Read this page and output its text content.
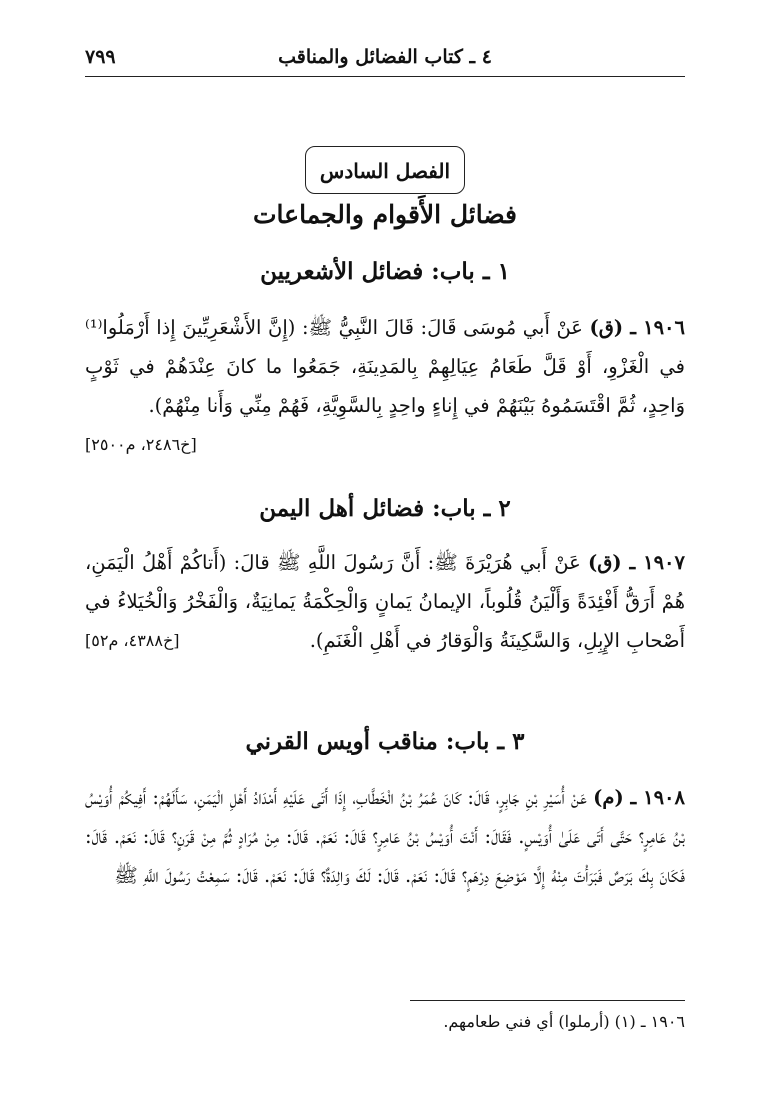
٤ ـ كتاب الفضائل والمناقب
٧٩٩
الفصل السادس
فضائل الأَقوام والجماعات
١ ـ باب: فضائل الأشعريين
١٩٠٦ ـ (ق) عَنْ أَبي مُوسَى قَالَ: قَالَ النَّبِيُّ ﷺ: (إِنَّ الأَشْعَرِيِّينَ إِذا أَرْمَلُوا⁽¹⁾ في الْغَزْوِ، أَوْ قَلَّ طَعَامُ عِيَالِهِمْ بِالمَدِينَةِ، جَمَعُوا ما كانَ عِنْدَهُمْ في ثَوْبٍ وَاحِدٍ، ثُمَّ اقْتَسَمُوهُ بَيْنَهُمْ في إِناءٍ واحِدٍ بِالسَّوِيَّةِ، فَهُمْ مِنِّي وَأَنا مِنْهُمْ).
[خ٢٤٨٦، م٢٥٠٠]
٢ ـ باب: فضائل أهل اليمن
١٩٠٧ ـ (ق) عَنْ أَبي هُرَيْرَةَ ﷺ: أَنَّ رَسُولَ اللَّهِ ﷺ قالَ: (أَتاكُمْ أَهْلُ الْيَمَنِ، هُمْ أَرَقُّ أَفْئِدَةً وَأَلْيَنُ قُلُوباً، الإيمانُ يَمانٍ وَالْحِكْمَةُ يَمانِيَةٌ، وَالْفَخْرُ وَالْخُيَلاءُ في أَصْحابِ الإِبِلِ، وَالسَّكِينَةُ وَالْوَقارُ في أَهْلِ الْغَنَمِ).
[خ٤٣٨٨، م٥٢]
٣ ـ باب: مناقب أويس القرني
١٩٠٨ ـ (م) عَنْ أُسَيْرِ بْنِ جَابِرٍ، قَالَ: كَانَ عُمَرُ بْنُ الْخَطَّابِ، إِذَا أَتَى عَلَيْهِ أَمْدَادُ أَهْلِ الْيَمَنِ، سَأَلَهُمْ: أَفِيكُمْ أُوَيْسُ بْنُ عَامِرٍ؟ حَتَّى أَتَى عَلَىٰ أُوَيْسٍ. فَقَالَ: أَنْتَ أُوَيْسُ بْنُ عَامِرٍ؟ قَالَ: نَعَمْ. قَالَ: مِنْ مُرَادٍ ثُمَّ مِنْ قَرَنٍ؟ قَالَ: نَعَمْ. قَالَ: فَكَانَ بِكَ بَرَصٌ فَبَرَأْتَ مِنْهُ إِلَّا مَوْضِعَ دِرْهَمٍ؟ قَالَ: نَعَمْ. قَالَ: لَكَ وَالِدَةٌ؟ قَالَ: نَعَمْ. قَالَ: سَمِعْتُ رَسُولَ اللَّهِ ﷺ
١٩٠٦ ـ (١) (أرملوا) أي فني طعامهم.
